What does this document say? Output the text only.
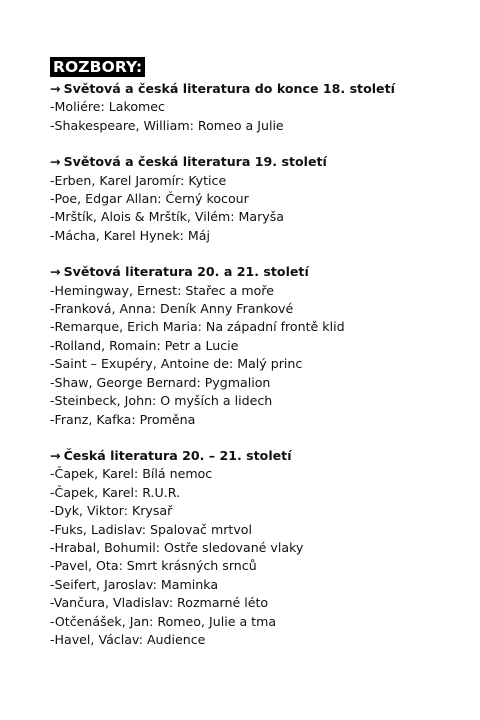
ROZBORY:
→ Světová a česká literatura do konce 18. století
-Moliére: Lakomec
-Shakespeare, William: Romeo a Julie
→ Světová a česká literatura 19. století
-Erben, Karel Jaromír: Kytice
-Poe, Edgar Allan: Černý kocour
-Mrštík, Alois & Mrštík, Vilém: Maryša
-Mácha, Karel Hynek: Máj
→ Světová literatura 20. a 21. století
-Hemingway, Ernest: Stařec a moře
-Franková, Anna: Deník Anny Frankové
-Remarque, Erich Maria: Na západní frontě klid
-Rolland, Romain: Petr a Lucie
-Saint – Exupéry, Antoine de: Malý princ
-Shaw, George Bernard: Pygmalion
-Steinbeck, John: O myších a lidech
-Franz, Kafka: Proměna
→ Česká literatura 20. – 21. století
-Čapek, Karel: Bílá nemoc
-Čapek, Karel: R.U.R.
-Dyk, Viktor: Krysař
-Fuks, Ladislav: Spalovač mrtvol
-Hrabal, Bohumil: Ostře sledované vlaky
-Pavel, Ota: Smrt krásných srnců
-Seifert, Jaroslav: Maminka
-Vančura, Vladislav: Rozmarné léto
-Otčenášek, Jan: Romeo, Julie a tma
-Havel, Václav: Audience
